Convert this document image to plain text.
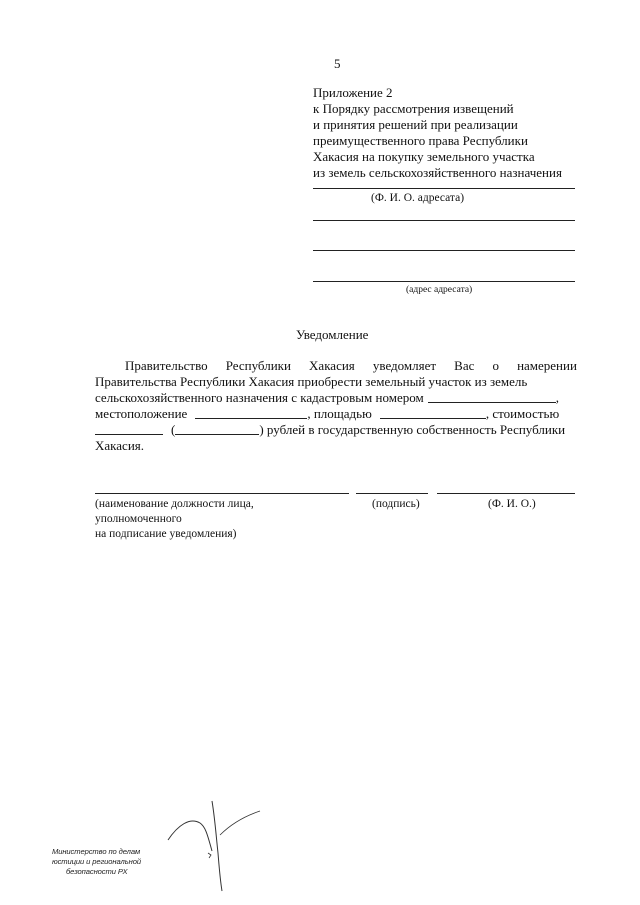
5
Приложение 2
к Порядку рассмотрения извещений
и принятия решений при реализации
преимущественного права Республики
Хакасия на покупку земельного участка
из земель сельскохозяйственного назначения
(Ф. И. О. адресата)
(адрес адресата)
Уведомление
Правительство Республики Хакасия уведомляет Вас о намерении
Правительства Республики Хакасия приобрести земельный участок из земель
сельскохозяйственного назначения с кадастровым номером	,
местоположение	, площадью	, стоимостью
(	) рублей в государственную собственность Республики
Хакасия.
(наименование должности лица,
уполномоченного
на подписание уведомления)
(подпись)	(Ф. И. О.)
Министерство по делам
юстиции и региональной
безопасности РХ
